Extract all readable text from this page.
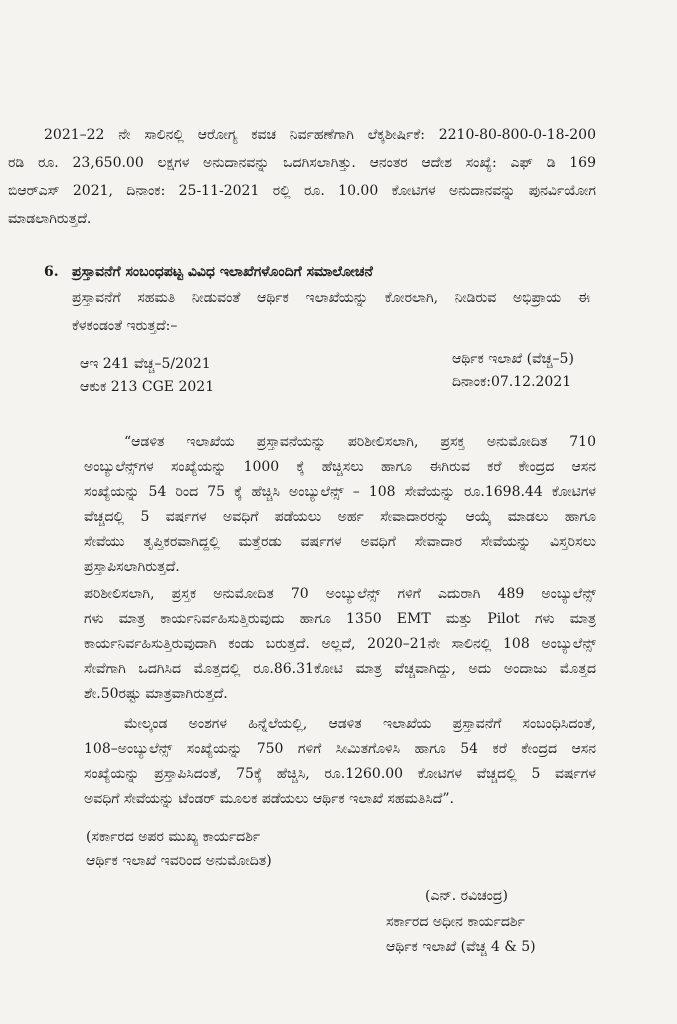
2021–22 ನೇ ಸಾಲಿನಲ್ಲಿ ಆರೋಗ್ಯ ಕವಚ ನಿರ್ವಹಣೆಗಾಗಿ ಲೆಕ್ಕಶೀರ್ಷಿಕೆ: 2210-80-800-0-18-200
ರಡಿ ರೂ. 23,650.00 ಲಕ್ಷಗಳ ಅನುದಾನವನ್ನು ಒದಗಿಸಲಾಗಿತ್ತು. ಆನಂತರ ಆದೇಶ ಸಂಖ್ಯೆ: ಎಫ್ ಡಿ 169
ಬಿಆರ್‌ಎಸ್ 2021, ದಿನಾಂಕ: 25-11-2021 ರಲ್ಲಿ ರೂ. 10.00 ಕೋಟಿಗಳ ಅನುದಾನವನ್ನು ಪುನರ್ವಿಯೋಗ
ಮಾಡಲಾಗಿರುತ್ತದೆ.
6. ಪ್ರಸ್ತಾವನೆಗೆ ಸಂಬಂಧಪಟ್ಟ ವಿವಿಧ ಇಲಾಖೆಗಳೊಂದಿಗೆ ಸಮಾಲೋಚನೆ
ಪ್ರಸ್ತಾವನೆಗೆ ಸಹಮತಿ ನೀಡುವಂತೆ ಆರ್ಥಿಕ ಇಲಾಖೆಯನ್ನು ಕೋರಲಾಗಿ, ನೀಡಿರುವ ಅಭಿಪ್ರಾಯ ಈ
ಕೆಳಕಂಡಂತೆ ಇರುತ್ತದೆ:–
ಆಇ 241 ವೆಚ್ಚ–5/2021
ಆಕುಕ 213 CGE 2021
ಆರ್ಥಿಕ ಇಲಾಖೆ (ವೆಚ್ಚ–5)
ದಿನಾಂಕ:07.12.2021
“ಆಡಳಿತ ಇಲಾಖೆಯ ಪ್ರಸ್ತಾವನೆಯನ್ನು ಪರಿಶೀಲಿಸಲಾಗಿ, ಪ್ರಸಕ್ತ ಅನುಮೋದಿತ 710
ಅಂಬ್ಯುಲೆನ್ಸ್‌ಗಳ ಸಂಖ್ಯೆಯನ್ನು 1000 ಕ್ಕೆ ಹೆಚ್ಚಿಸಲು ಹಾಗೂ ಈಗಿರುವ ಕರೆ ಕೇಂದ್ರದ ಆಸನ
ಸಂಖ್ಯೆಯನ್ನು 54 ರಿಂದ 75 ಕ್ಕೆ ಹೆಚ್ಚಿಸಿ ಅಂಬ್ಯುಲೆನ್ಸ್ – 108 ಸೇವೆಯನ್ನು ರೂ.1698.44 ಕೋಟಿಗಳ
ವೆಚ್ಚದಲ್ಲಿ 5 ವರ್ಷಗಳ ಅವಧಿಗೆ ಪಡೆಯಲು ಅರ್ಹ ಸೇವಾದಾರರನ್ನು ಆಯ್ಕೆ ಮಾಡಲು ಹಾಗೂ
ಸೇವೆಯು ತೃಪ್ತಿಕರವಾಗಿದ್ದಲ್ಲಿ ಮತ್ತೆರಡು ವರ್ಷಗಳ ಅವಧಿಗೆ ಸೇವಾದಾರ ಸೇವೆಯನ್ನು ವಿಸ್ತರಿಸಲು
ಪ್ರಸ್ತಾಪಿಸಲಾಗಿರುತ್ತದೆ.
ಪರಿಶೀಲಿಸಲಾಗಿ, ಪ್ರಸ್ತಕ ಅನುಮೋದಿತ 70 ಅಂಬ್ಯುಲೆನ್ಸ್ ಗಳಿಗೆ ಎದುರಾಗಿ 489 ಅಂಬ್ಯುಲೆನ್ಸ್
ಗಳು ಮಾತ್ರ ಕಾರ್ಯನಿರ್ವಹಿಸುತ್ತಿರುವುದು ಹಾಗೂ 1350 EMT ಮತ್ತು Pilot ಗಳು ಮಾತ್ರ
ಕಾರ್ಯನಿರ್ವಹಿಸುತ್ತಿರುವುದಾಗಿ ಕಂಡು ಬರುತ್ತದೆ. ಅಲ್ಲದೆ, 2020–21ನೇ ಸಾಲಿನಲ್ಲಿ 108 ಅಂಬ್ಯುಲೆನ್ಸ್
ಸೇವೆಗಾಗಿ ಒದಗಿಸಿದ ಮೊತ್ತದಲ್ಲಿ ರೂ.86.31ಕೋಟಿ ಮಾತ್ರ ವೆಚ್ಚವಾಗಿದ್ದು, ಅದು ಅಂದಾಜು ಮೊತ್ತದ
ಶೇ.50ರಷ್ಟು ಮಾತ್ರವಾಗಿರುತ್ತದೆ.
ಮೇಲ್ಕಂಡ ಅಂಶಗಳ ಹಿನ್ನೆಲೆಯಲ್ಲಿ, ಆಡಳಿತ ಇಲಾಖೆಯ ಪ್ರಸ್ತಾವನೆಗೆ ಸಂಬಂಧಿಸಿದಂತೆ,
108–ಅಂಬ್ಯುಲೆನ್ಸ್ ಸಂಖ್ಯೆಯನ್ನು 750 ಗಳಿಗೆ ಸೀಮಿತಗೊಳಿಸಿ ಹಾಗೂ 54 ಕರೆ ಕೇಂದ್ರದ ಆಸನ
ಸಂಖ್ಯೆಯನ್ನು ಪ್ರಸ್ತಾಪಿಸಿದಂತೆ, 75ಕ್ಕೆ ಹೆಚ್ಚಿಸಿ, ರೂ.1260.00 ಕೋಟಿಗಳ ವೆಚ್ಚದಲ್ಲಿ 5 ವರ್ಷಗಳ
ಅವಧಿಗೆ ಸೇವೆಯನ್ನು ಟೆಂಡರ್ ಮೂಲಕ ಪಡೆಯಲು ಆರ್ಥಿಕ ಇಲಾಖೆ ಸಹಮತಿಸಿದೆ”.
(ಸರ್ಕಾರದ ಅಪರ ಮುಖ್ಯ ಕಾರ್ಯದರ್ಶಿ
ಆರ್ಥಿಕ ಇಲಾಖೆ ಇವರಿಂದ ಅನುಮೋದಿತ)
(ಎನ್. ರವಿಚಂದ್ರ)
ಸರ್ಕಾರದ ಅಧೀನ ಕಾರ್ಯದರ್ಶಿ
ಆರ್ಥಿಕ ಇಲಾಖೆ (ವೆಚ್ಚ 4 & 5)
